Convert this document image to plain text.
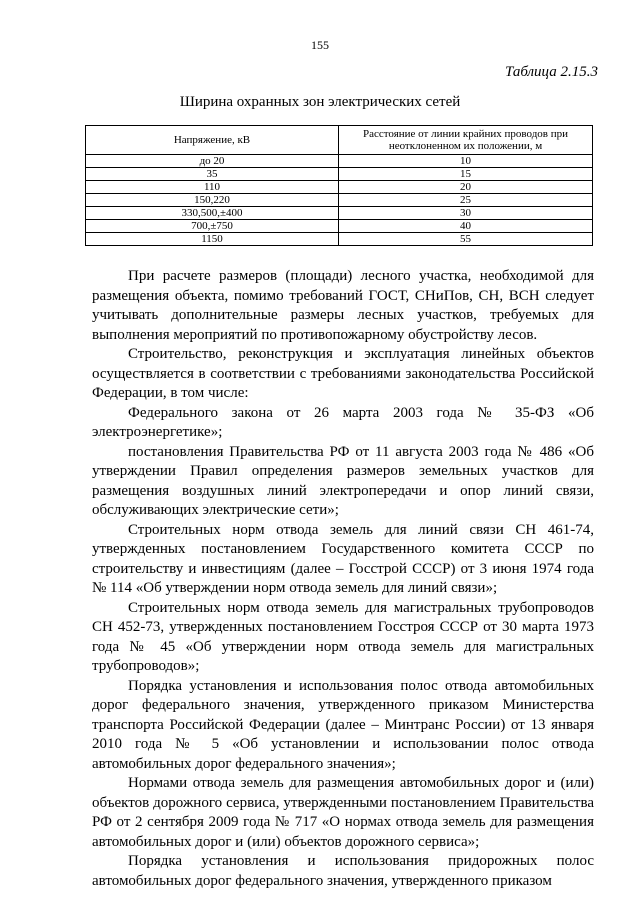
155
Таблица 2.15.3
Ширина охранных зон электрических сетей
Напряжение, кВ	Расстояние от линии крайних проводов при неотклоненном их положении, м
до 20	10
35	15
110	20
150,220	25
330,500,±400	30
700,±750	40
1150	55

При расчете размеров (площади) лесного участка, необходимой для размещения объекта, помимо требований ГОСТ, СНиПов, СН, ВСН следует учитывать дополнительные размеры лесных участков, требуемых для выполнения мероприятий по противопожарному обустройству лесов.

Строительство, реконструкция и эксплуатация линейных объектов осуществляется в соответствии с требованиями законодательства Российской Федерации, в том числе:

Федерального закона от 26 марта 2003 года № 35-ФЗ «Об электроэнергетике»;

постановления Правительства РФ от 11 августа 2003 года № 486 «Об утверждении Правил определения размеров земельных участков для размещения воздушных линий электропередачи и опор линий связи, обслуживающих электрические сети»;

Строительных норм отвода земель для линий связи СН 461-74, утвержденных постановлением Государственного комитета СССР по строительству и инвестициям (далее – Госстрой СССР) от 3 июня 1974 года № 114 «Об утверждении норм отвода земель для линий связи»;

Строительных норм отвода земель для магистральных трубопроводов СН 452-73, утвержденных постановлением Госстроя СССР от 30 марта 1973 года № 45 «Об утверждении норм отвода земель для магистральных трубопроводов»;

Порядка установления и использования полос отвода автомобильных дорог федерального значения, утвержденного приказом Министерства транспорта Российской Федерации (далее – Минтранс России) от 13 января 2010 года № 5 «Об установлении и использовании полос отвода автомобильных дорог федерального значения»;

Нормами отвода земель для размещения автомобильных дорог и (или) объектов дорожного сервиса, утвержденными постановлением Правительства РФ от 2 сентября 2009 года № 717 «О нормах отвода земель для размещения автомобильных дорог и (или) объектов дорожного сервиса»;

Порядка установления и использования придорожных полос автомобильных дорог федерального значения, утвержденного приказом
